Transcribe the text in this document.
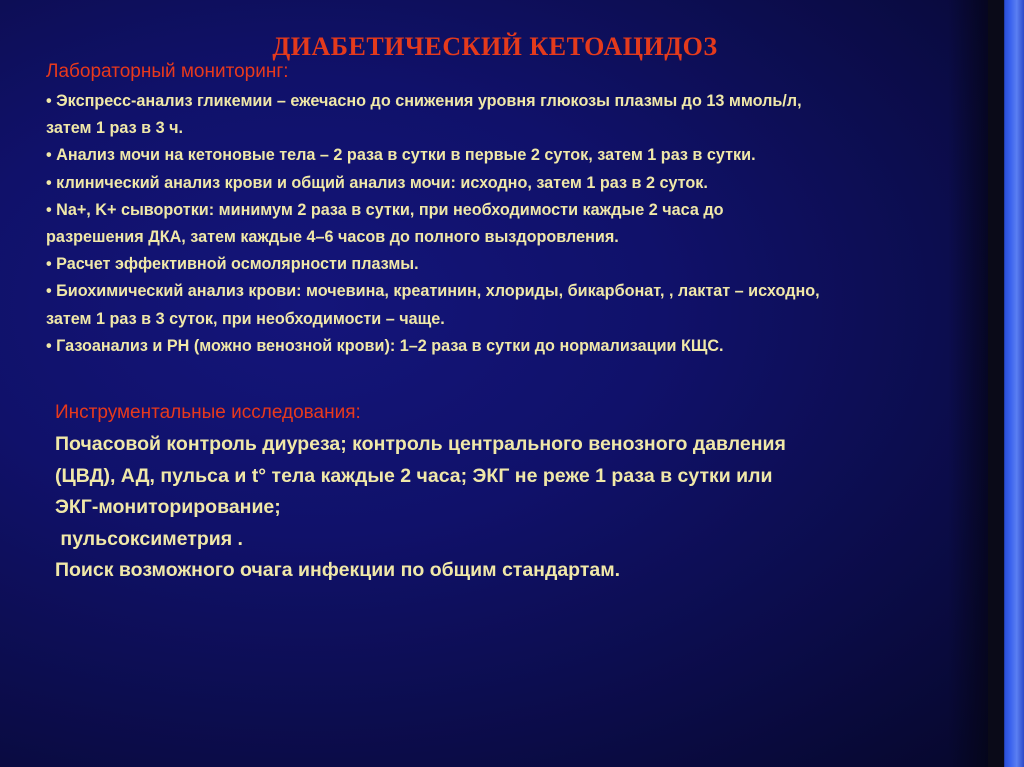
ДИАБЕТИЧЕСКИЙ КЕТОАЦИДОЗ
Лабораторный мониторинг:
• Экспресс-анализ гликемии – ежечасно до снижения уровня глюкозы плазмы до 13 ммоль/л,
затем 1 раз в 3 ч.
• Анализ мочи на кетоновые тела – 2 раза в сутки в первые 2 суток, затем 1 раз в сутки.
• клинический анализ крови и общий анализ мочи: исходно, затем 1 раз в 2 суток.
• Na+, K+ сыворотки: минимум 2 раза в сутки, при необходимости каждые 2 часа до
разрешения ДКА, затем каждые 4–6 часов до полного выздоровления.
• Расчет эффективной осмолярности плазмы.
• Биохимический анализ крови: мочевина, креатинин, хлориды, бикарбонат, , лактат – исходно,
затем 1 раз в 3 суток, при необходимости – чаще.
• Газоанализ и PH (можно венозной крови): 1–2 раза в сутки до нормализации КЩС.
Инструментальные исследования:
Почасовой контроль диуреза; контроль центрального венозного давления
(ЦВД), АД, пульса и t° тела каждые 2 часа; ЭКГ не реже 1 раза в сутки или
ЭКГ-мониторирование;
пульсоксиметрия .
Поиск возможного очага инфекции по общим стандартам.
